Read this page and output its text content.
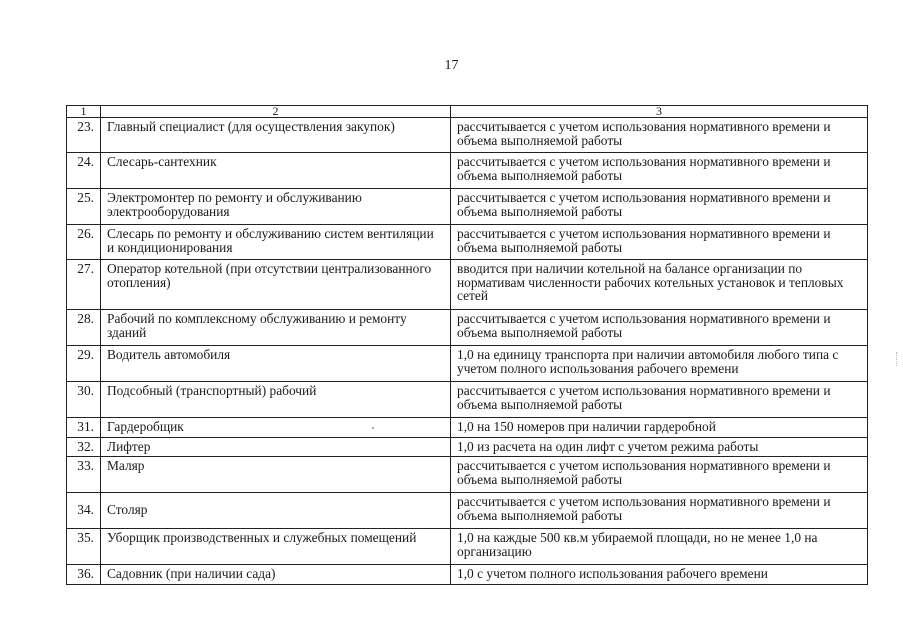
17
1	2	3
23.	Главный специалист (для осуществления закупок)	рассчитывается с учетом использования нормативного времени и объема выполняемой работы
24.	Слесарь-сантехник	рассчитывается с учетом использования нормативного времени и объема выполняемой работы
25.	Электромонтер по ремонту и обслуживанию электрооборудования	рассчитывается с учетом использования нормативного времени и объема выполняемой работы
26.	Слесарь по ремонту и обслуживанию систем вентиляции и кондиционирования	рассчитывается с учетом использования нормативного времени и объема выполняемой работы
27.	Оператор котельной (при отсутствии централизованного отопления)	вводится при наличии котельной на балансе организации по нормативам численности рабочих котельных установок и тепловых сетей
28.	Рабочий по комплексному обслуживанию и ремонту зданий	рассчитывается с учетом использования нормативного времени и объема выполняемой работы
29.	Водитель автомобиля	1,0 на единицу транспорта при наличии автомобиля любого типа с учетом полного использования рабочего времени
30.	Подсобный (транспортный) рабочий	рассчитывается с учетом использования нормативного времени и объема выполняемой работы
31.	Гардеробщик	1,0 на 150 номеров при наличии гардеробной
32.	Лифтер	1,0 из расчета на один лифт с учетом режима работы
33.	Маляр	рассчитывается с учетом использования нормативного времени и объема выполняемой работы
34.	Столяр	рассчитывается с учетом использования нормативного времени и объема выполняемой работы
35.	Уборщик производственных и служебных помещений	1,0 на каждые 500 кв.м убираемой площади, но не менее 1,0 на организацию
36.	Садовник (при наличии сада)	1,0 с учетом полного использования рабочего времени
